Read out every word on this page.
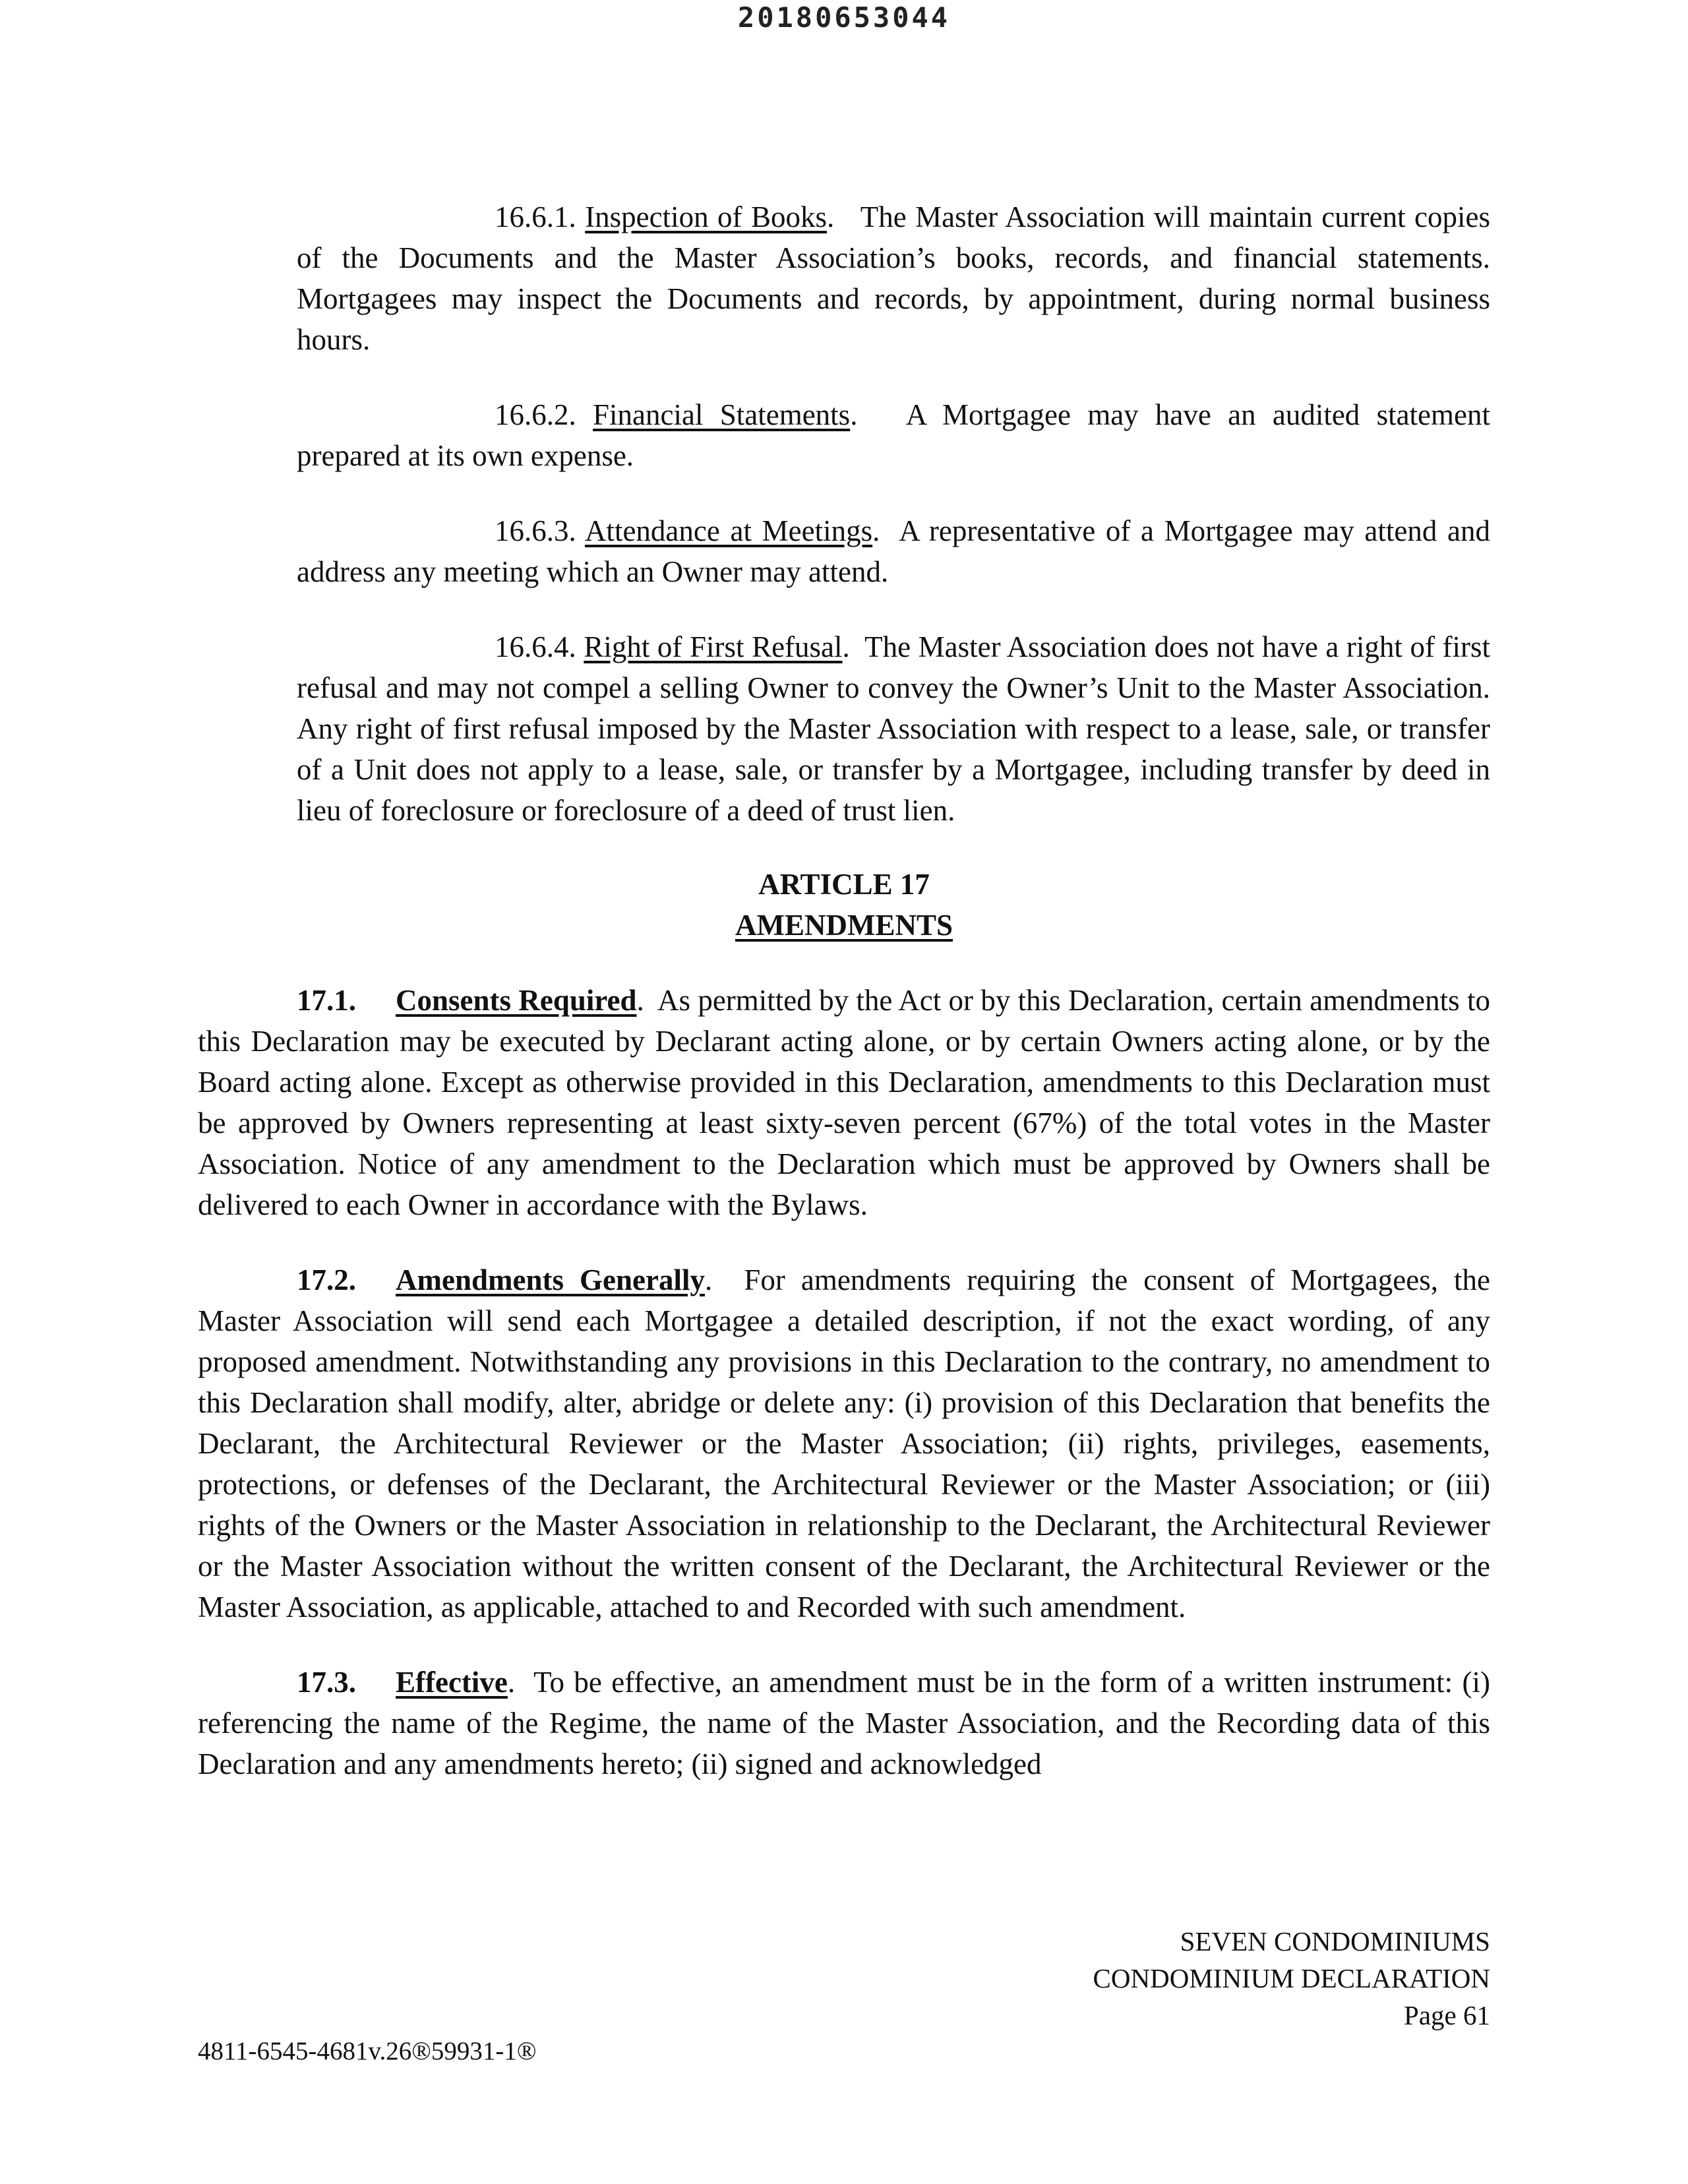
20180653044

16.6.1. Inspection of Books.   The Master Association will maintain current copies of the Documents and the Master Association’s books, records, and financial statements. Mortgagees may inspect the Documents and records, by appointment, during normal business hours.

16.6.2. Financial Statements.   A Mortgagee may have an audited statement prepared at its own expense.

16.6.3. Attendance at Meetings.  A representative of a Mortgagee may attend and address any meeting which an Owner may attend.

16.6.4. Right of First Refusal.  The Master Association does not have a right of first refusal and may not compel a selling Owner to convey the Owner’s Unit to the Master Association. Any right of first refusal imposed by the Master Association with respect to a lease, sale, or transfer of a Unit does not apply to a lease, sale, or transfer by a Mortgagee, including transfer by deed in lieu of foreclosure or foreclosure of a deed of trust lien.

ARTICLE 17
AMENDMENTS

17.1. Consents Required.  As permitted by the Act or by this Declaration, certain amendments to this Declaration may be executed by Declarant acting alone, or by certain Owners acting alone, or by the Board acting alone. Except as otherwise provided in this Declaration, amendments to this Declaration must be approved by Owners representing at least sixty-seven percent (67%) of the total votes in the Master Association. Notice of any amendment to the Declaration which must be approved by Owners shall be delivered to each Owner in accordance with the Bylaws.

17.2. Amendments Generally.  For amendments requiring the consent of Mortgagees, the Master Association will send each Mortgagee a detailed description, if not the exact wording, of any proposed amendment. Notwithstanding any provisions in this Declaration to the contrary, no amendment to this Declaration shall modify, alter, abridge or delete any: (i) provision of this Declaration that benefits the Declarant, the Architectural Reviewer or the Master Association; (ii) rights, privileges, easements, protections, or defenses of the Declarant, the Architectural Reviewer or the Master Association; or (iii) rights of the Owners or the Master Association in relationship to the Declarant, the Architectural Reviewer or the Master Association without the written consent of the Declarant, the Architectural Reviewer or the Master Association, as applicable, attached to and Recorded with such amendment.

17.3. Effective.  To be effective, an amendment must be in the form of a written instrument: (i) referencing the name of the Regime, the name of the Master Association, and the Recording data of this Declaration and any amendments hereto; (ii) signed and acknowledged

SEVEN CONDOMINIUMS
CONDOMINIUM DECLARATION
Page 61
4811-6545-4681v.26®59931-1®
